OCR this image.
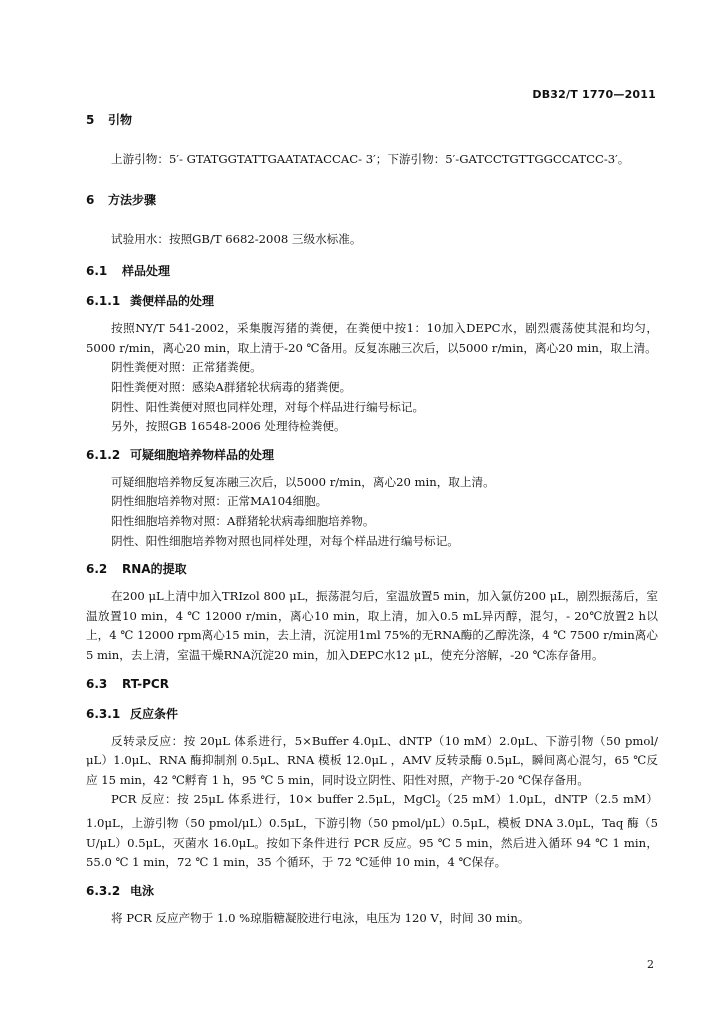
DB32/T 1770—2011
5 引物
上游引物：5′- GTATGGTATTGAATATACCAC- 3′；下游引物：5′-GATCCTGTTGGCCATCC-3′。
6 方法步骤
试验用水：按照GB/T 6682-2008 三级水标准。
6.1 样品处理
6.1.1 粪便样品的处理
按照NY/T 541-2002，采集腹泻猪的粪便，在粪便中按1：10加入DEPC水，剧烈震荡使其混和均匀，5000 r/min，离心20 min，取上清于-20 ℃备用。反复冻融三次后，以5000 r/min，离心20 min，取上清。
阴性粪便对照：正常猪粪便。
阳性粪便对照：感染A群猪轮状病毒的猪粪便。
阴性、阳性粪便对照也同样处理，对每个样品进行编号标记。
另外，按照GB 16548-2006 处理待检粪便。
6.1.2 可疑细胞培养物样品的处理
可疑细胞培养物反复冻融三次后，以5000 r/min，离心20 min，取上清。
阴性细胞培养物对照：正常MA104细胞。
阳性细胞培养物对照：A群猪轮状病毒细胞培养物。
阴性、阳性细胞培养物对照也同样处理，对每个样品进行编号标记。
6.2 RNA的提取
在200 μL上清中加入TRIzol 800 μL，振荡混匀后，室温放置5 min，加入氯仿200 μL，剧烈振荡后，室温放置10 min，4 ℃ 12000 r/min，离心10 min，取上清，加入0.5 mL异丙醇，混匀，- 20℃放置2 h以上，4 ℃ 12000 rpm离心15 min，去上清，沉淀用1ml 75%的无RNA酶的乙醇洗涤，4 ℃ 7500 r/min离心5 min，去上清，室温干燥RNA沉淀20 min，加入DEPC水12 μL，使充分溶解，-20 ℃冻存备用。
6.3 RT-PCR
6.3.1 反应条件
反转录反应：按 20μL 体系进行，5×Buffer 4.0μL、dNTP（10 mM）2.0μL、下游引物（50 pmol/μL）1.0μL、RNA 酶抑制剂 0.5μL、RNA 模板 12.0μL ，AMV 反转录酶 0.5μL，瞬间离心混匀，65 ℃反应 15 min，42 ℃孵育 1 h，95 ℃ 5 min，同时设立阴性、阳性对照，产物于-20 ℃保存备用。
PCR 反应：按 25μL 体系进行，10× buffer 2.5μL，MgCl$_2$（25 mM）1.0μL，dNTP（2.5 mM）1.0μL，上游引物（50 pmol/μL）0.5μL，下游引物（50 pmol/μL）0.5μL，模板 DNA 3.0μL，Taq 酶（5 U/μL）0.5μL，灭菌水 16.0μL。按如下条件进行 PCR 反应。95 ℃ 5 min，然后进入循环 94 ℃ 1 min，55.0 ℃ 1 min，72 ℃ 1 min，35 个循环，于 72 ℃延伸 10 min，4 ℃保存。
6.3.2 电泳
将 PCR 反应产物于 1.0 %琼脂糖凝胶进行电泳，电压为 120 V，时间 30 min。
2
